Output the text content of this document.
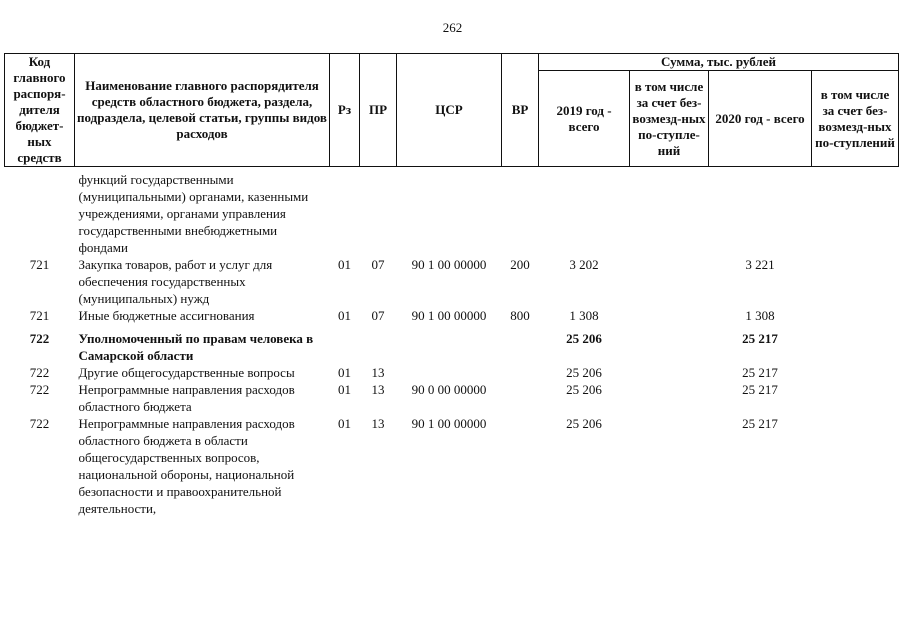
262
Код главного распоря-дителя бюджет-ных средств	Наименование главного распорядителя средств областного бюджета, раздела, подраздела, целевой статьи, группы видов расходов	Рз	ПР	ЦСР	ВР	Сумма, тыс. рублей			
						2019 год - всего	в том числе за счет без-возмезд-ных по-ступле-ний	2020 год - всего	в том числе за счет без-возмезд-ных по-ступлений
	функций государственными (муниципальными) органами, казенными учреждениями, органами управления государственными внебюджетными фондами								
721	Закупка товаров, работ и услуг для обеспечения государственных (муниципальных) нужд	01	07	90 1 00 00000	200	3 202		3 221	
721	Иные бюджетные ассигнования	01	07	90 1 00 00000	800	1 308		1 308	

722	Уполномоченный по правам человека в Самарской области					25 206		25 217	
722	Другие общегосударственные вопросы	01	13			25 206		25 217	
722	Непрограммные направления расходов областного бюджета	01	13	90 0 00 00000		25 206		25 217	
722	Непрограммные направления расходов областного бюджета в области общегосударственных вопросов, национальной обороны, национальной безопасности и правоохранительной деятельности,	01	13	90 1 00 00000		25 206		25 217	
